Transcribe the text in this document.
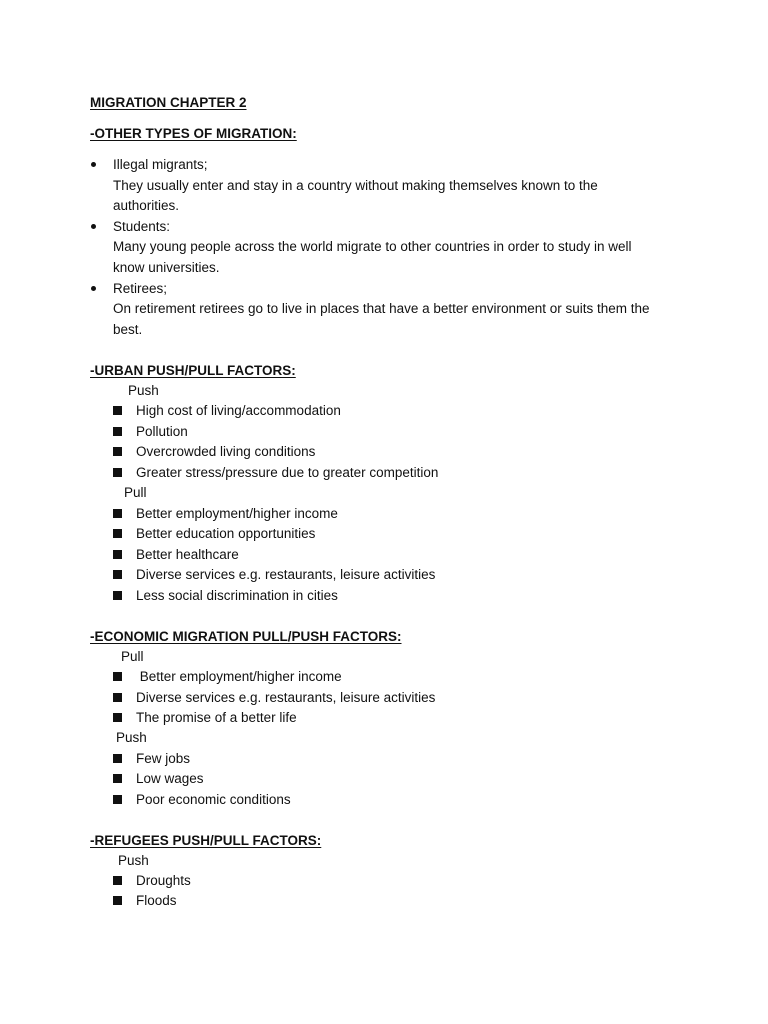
MIGRATION CHAPTER 2
-OTHER TYPES OF MIGRATION:
Illegal migrants;
They usually enter and stay in a country without making themselves known to the
authorities.
Students:
Many young people across the world migrate to other countries in order to study in well
know universities.
Retirees;
On retirement retirees go to live in places that have a better environment or suits them the
best.
-URBAN PUSH/PULL FACTORS:
Push
High cost of living/accommodation
Pollution
Overcrowded living conditions
Greater stress/pressure due to greater competition
Pull
Better employment/higher income
Better education opportunities
Better healthcare
Diverse services e.g. restaurants, leisure activities
Less social discrimination in cities
-ECONOMIC MIGRATION PULL/PUSH FACTORS:
Pull
Better employment/higher income
Diverse services e.g. restaurants, leisure activities
The promise of a better life
Push
Few jobs
Low wages
Poor economic conditions
-REFUGEES PUSH/PULL FACTORS:
Push
Droughts
Floods
